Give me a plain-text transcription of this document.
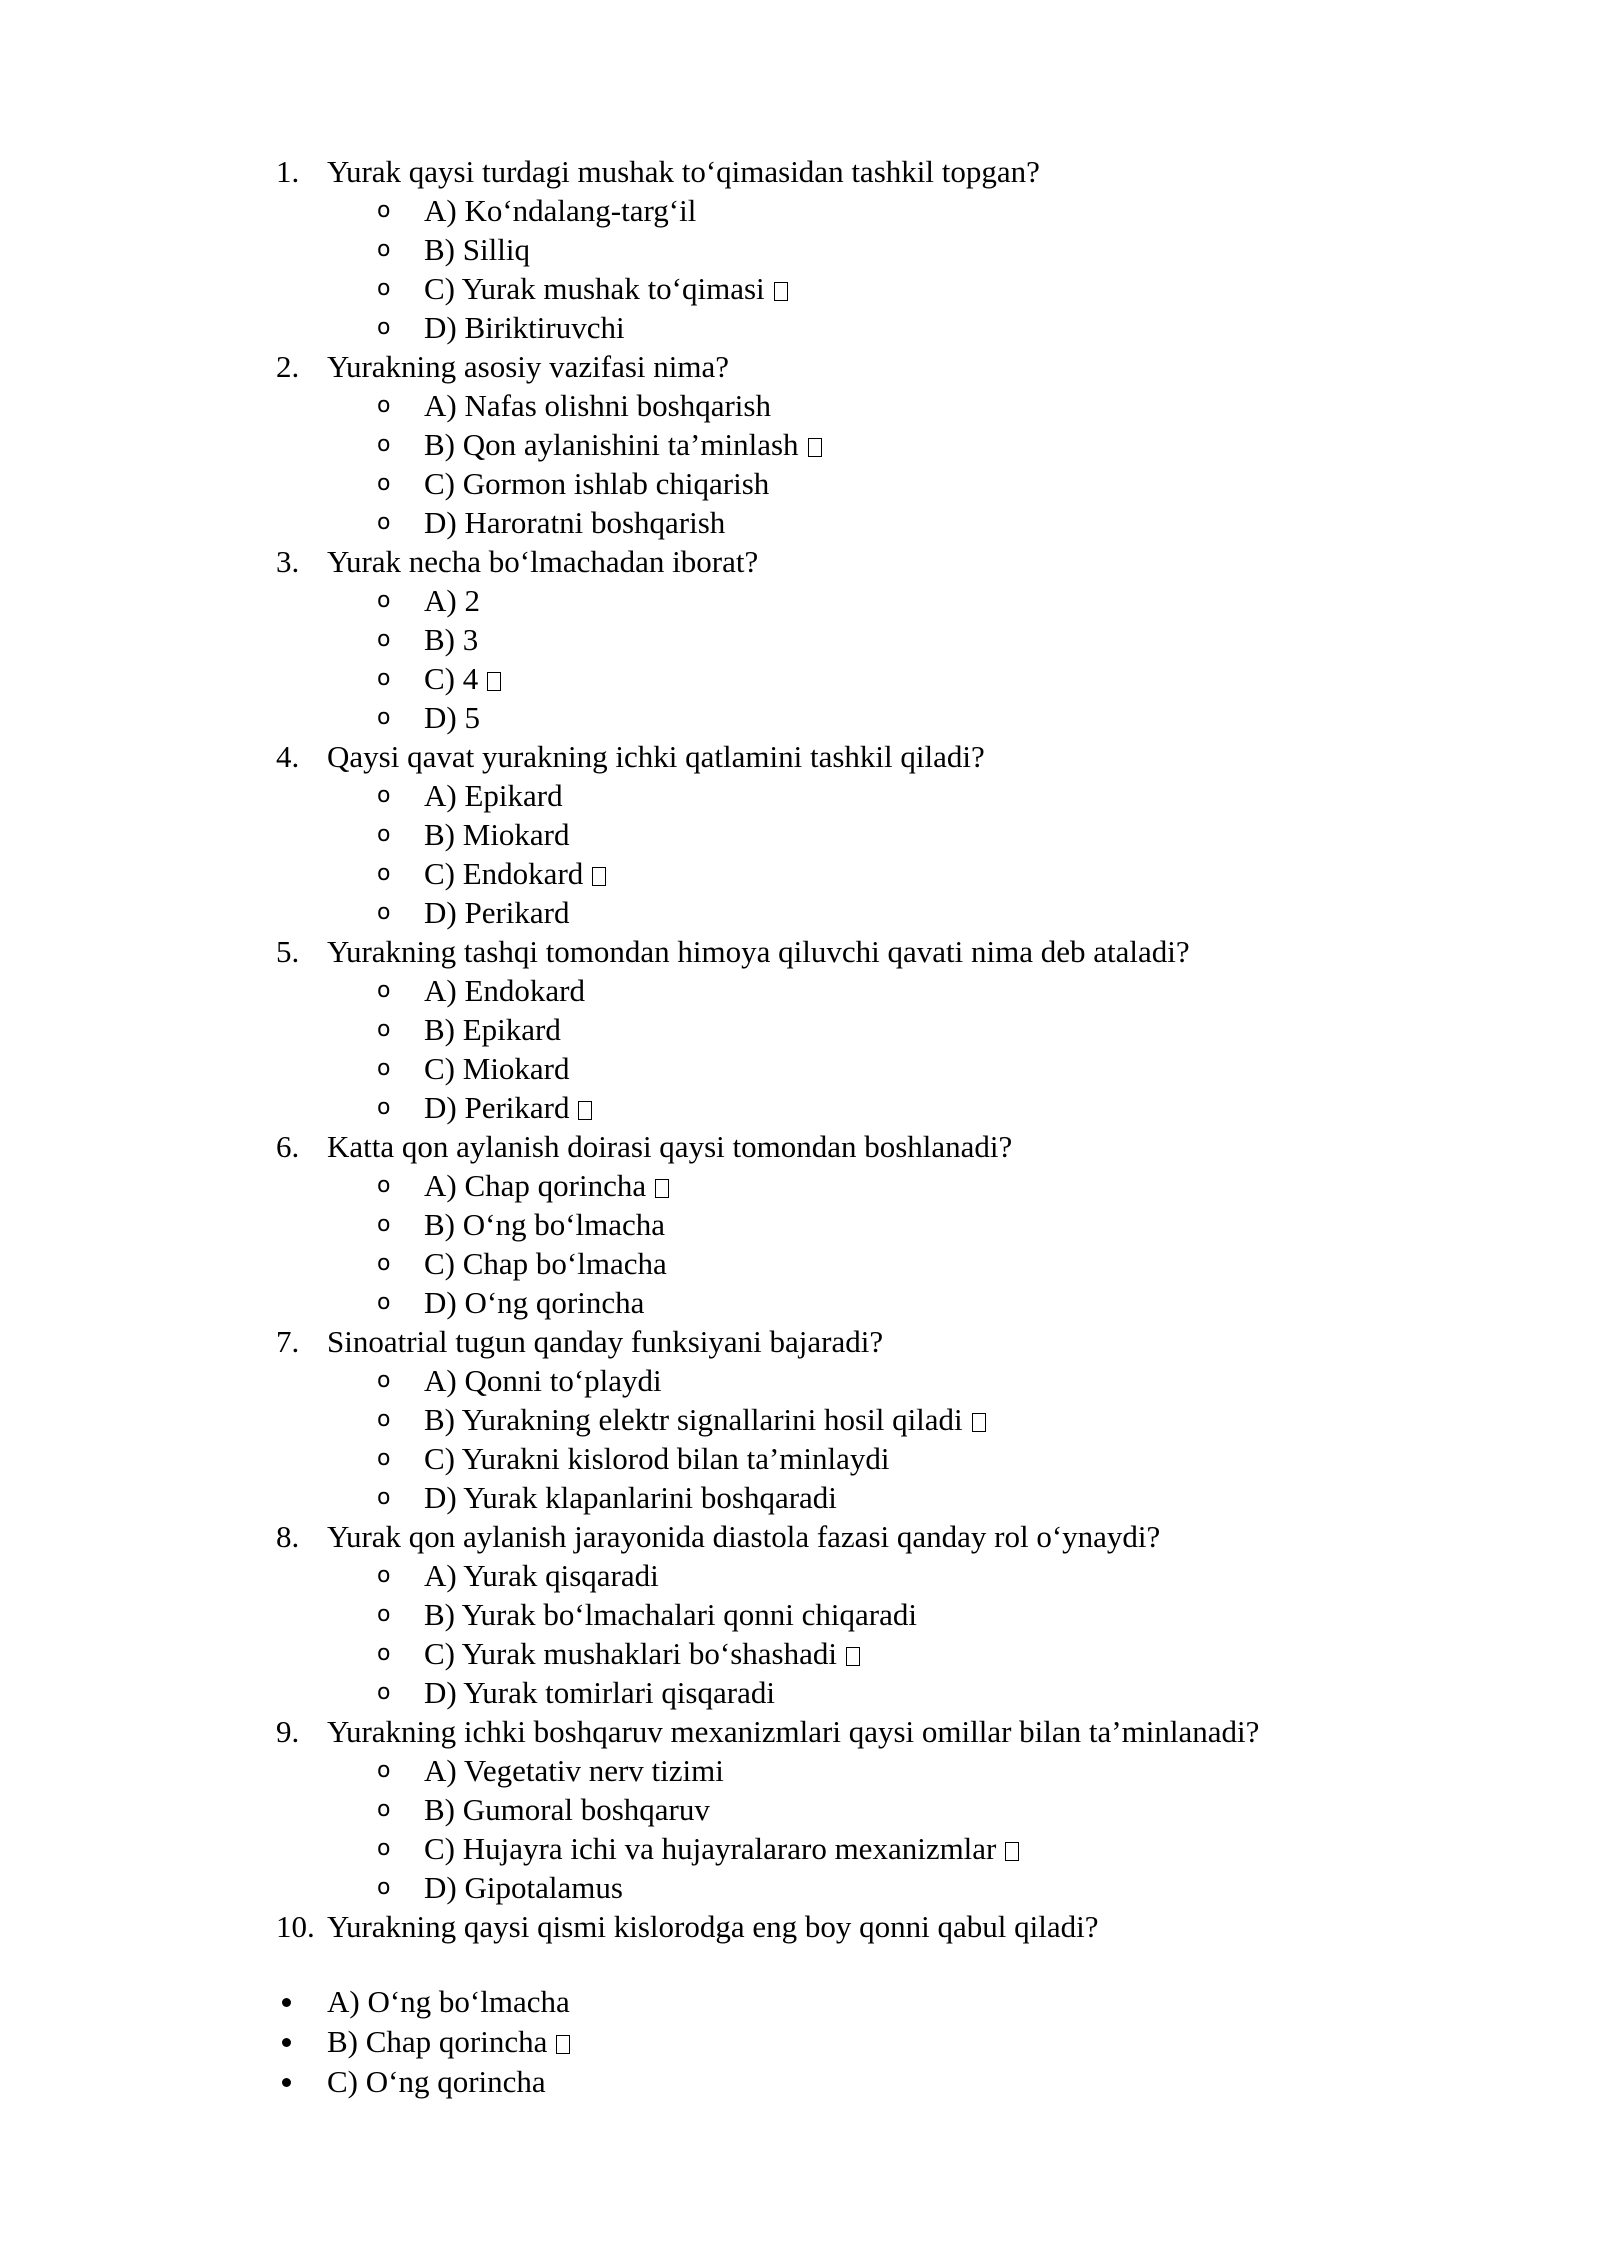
1. Yurak qaysi turdagi mushak to‘qimasidan tashkil topgan?
o A) Ko‘ndalang-targ‘il
o B) Silliq
o C) Yurak mushak to‘qimasi
o D) Biriktiruvchi
2. Yurakning asosiy vazifasi nima?
o A) Nafas olishni boshqarish
o B) Qon aylanishini ta’minlash
o C) Gormon ishlab chiqarish
o D) Haroratni boshqarish
3. Yurak necha bo‘lmachadan iborat?
o A) 2
o B) 3
o C) 4
o D) 5
4. Qaysi qavat yurakning ichki qatlamini tashkil qiladi?
o A) Epikard
o B) Miokard
o C) Endokard
o D) Perikard
5. Yurakning tashqi tomondan himoya qiluvchi qavati nima deb ataladi?
o A) Endokard
o B) Epikard
o C) Miokard
o D) Perikard
6. Katta qon aylanish doirasi qaysi tomondan boshlanadi?
o A) Chap qorincha
o B) O‘ng bo‘lmacha
o C) Chap bo‘lmacha
o D) O‘ng qorincha
7. Sinoatrial tugun qanday funksiyani bajaradi?
o A) Qonni to‘playdi
o B) Yurakning elektr signallarini hosil qiladi
o C) Yurakni kislorod bilan ta’minlaydi
o D) Yurak klapanlarini boshqaradi
8. Yurak qon aylanish jarayonida diastola fazasi qanday rol o‘ynaydi?
o A) Yurak qisqaradi
o B) Yurak bo‘lmachalari qonni chiqaradi
o C) Yurak mushaklari bo‘shashadi
o D) Yurak tomirlari qisqaradi
9. Yurakning ichki boshqaruv mexanizmlari qaysi omillar bilan ta’minlanadi?
o A) Vegetativ nerv tizimi
o B) Gumoral boshqaruv
o C) Hujayra ichi va hujayralararo mexanizmlar
o D) Gipotalamus
10. Yurakning qaysi qismi kislorodga eng boy qonni qabul qiladi?
A) O‘ng bo‘lmacha
B) Chap qorincha
C) O‘ng qorincha
